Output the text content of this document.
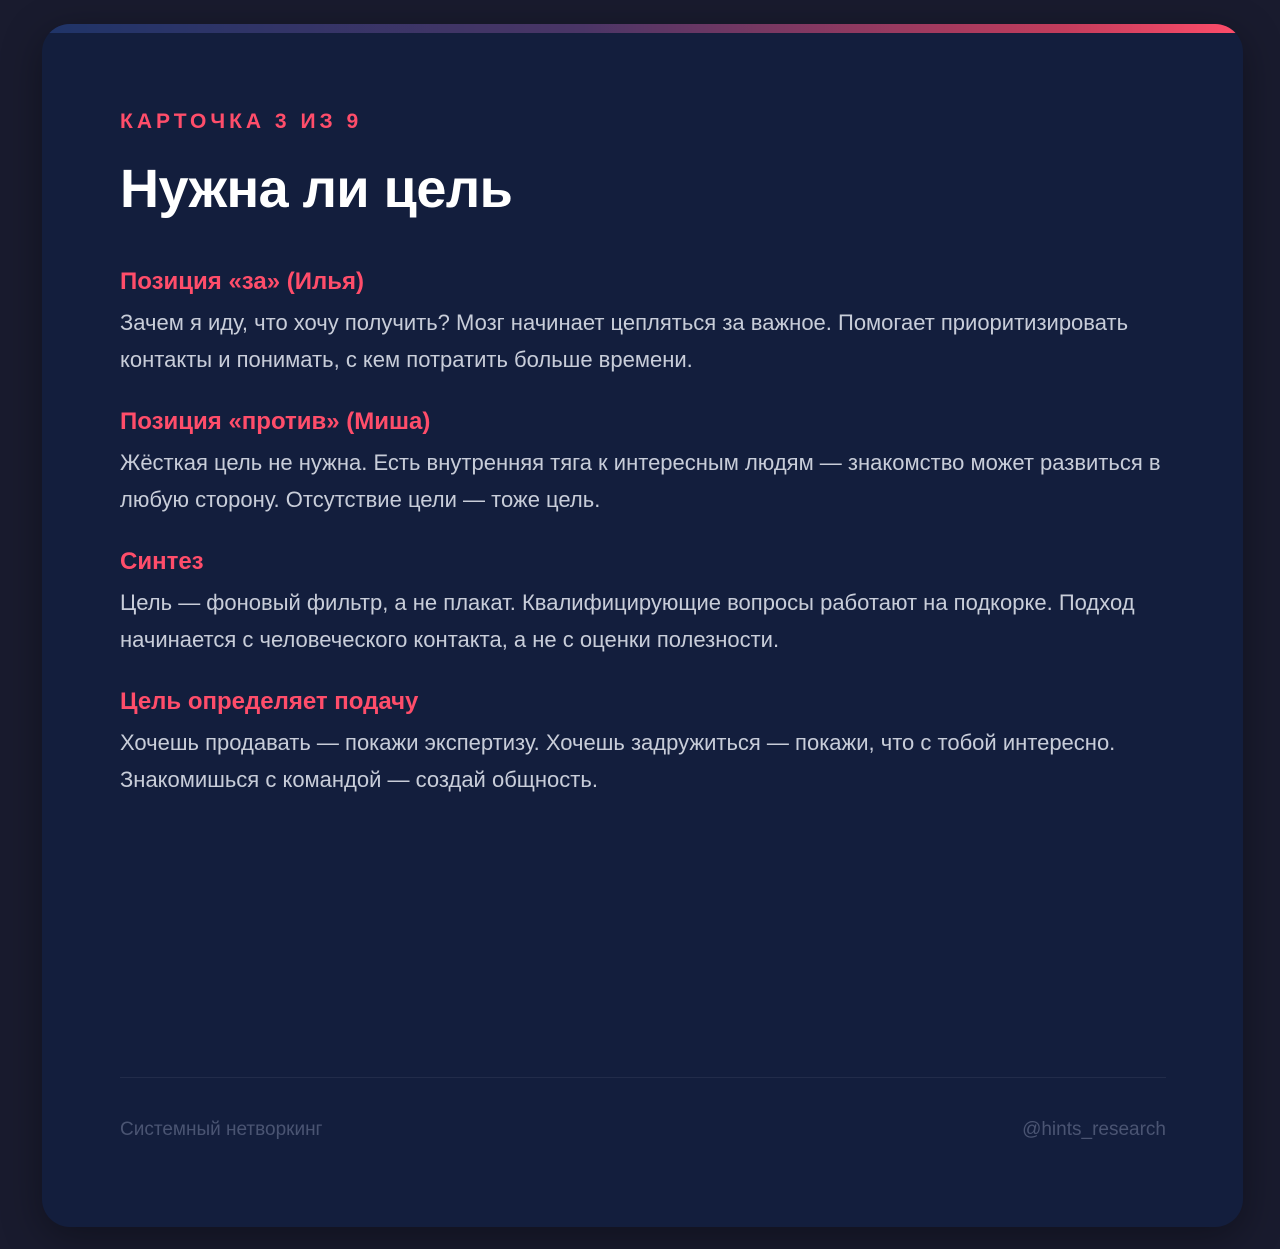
КАРТОЧКА 3 ИЗ 9

Нужна ли цель
Позиция «за» (Илья)

Зачем я иду, что хочу получить? Мозг начинает цепляться за важное. Помогает приоритизировать контакты и понимать, с кем потратить больше времени.

Позиция «против» (Миша)

Жёсткая цель не нужна. Есть внутренняя тяга к интересным людям — знакомство может развиться в любую сторону. Отсутствие цели — тоже цель.

Синтез

Цель — фоновый фильтр, а не плакат. Квалифицирующие вопросы работают на подкорке. Подход начинается с человеческого контакта, а не с оценки полезности.

Цель определяет подачу

Хочешь продавать — покажи экспертизу. Хочешь задружиться — покажи, что с тобой интересно. Знакомишься с командой — создай общность.

Системный нетворкинг	@hints_research
